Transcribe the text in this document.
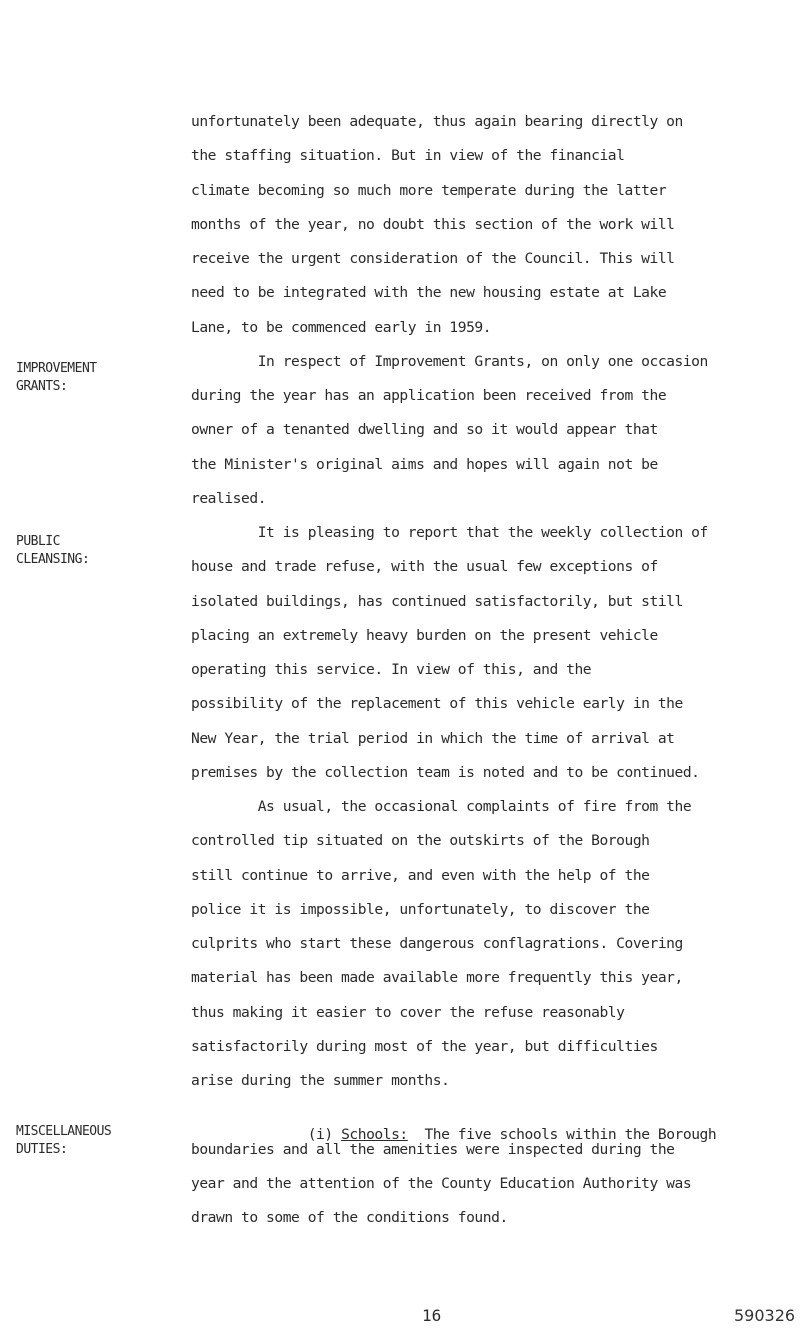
IMPROVEMENT
GRANTS:
PUBLIC
CLEANSING:
MISCELLANEOUS
DUTIES:
unfortunately been adequate, thus again bearing directly on
the staffing situation. But in view of the financial
climate becoming so much more temperate during the latter
months of the year, no doubt this section of the work will
receive the urgent consideration of the Council. This will
need to be integrated with the new housing estate at Lake
Lane, to be commenced early in 1959.
In respect of Improvement Grants, on only one occasion
during the year has an application been received from the
owner of a tenanted dwelling and so it would appear that
the Minister's original aims and hopes will again not be
realised.
It is pleasing to report that the weekly collection of
house and trade refuse, with the usual few exceptions of
isolated buildings, has continued satisfactorily, but still
placing an extremely heavy burden on the present vehicle
operating this service. In view of this, and the
possibility of the replacement of this vehicle early in the
New Year, the trial period in which the time of arrival at
premises by the collection team is noted and to be continued.
As usual, the occasional complaints of fire from the
controlled tip situated on the outskirts of the Borough
still continue to arrive, and even with the help of the
police it is impossible, unfortunately, to discover the
culprits who start these dangerous conflagrations. Covering
material has been made available more frequently this year,
thus making it easier to cover the refuse reasonably
satisfactorily during most of the year, but difficulties
arise during the summer months.

(i) Schools:  The five schools within the Borough

boundaries and all the amenities were inspected during the
year and the attention of the County Education Authority was
drawn to some of the conditions found.
16	590326
